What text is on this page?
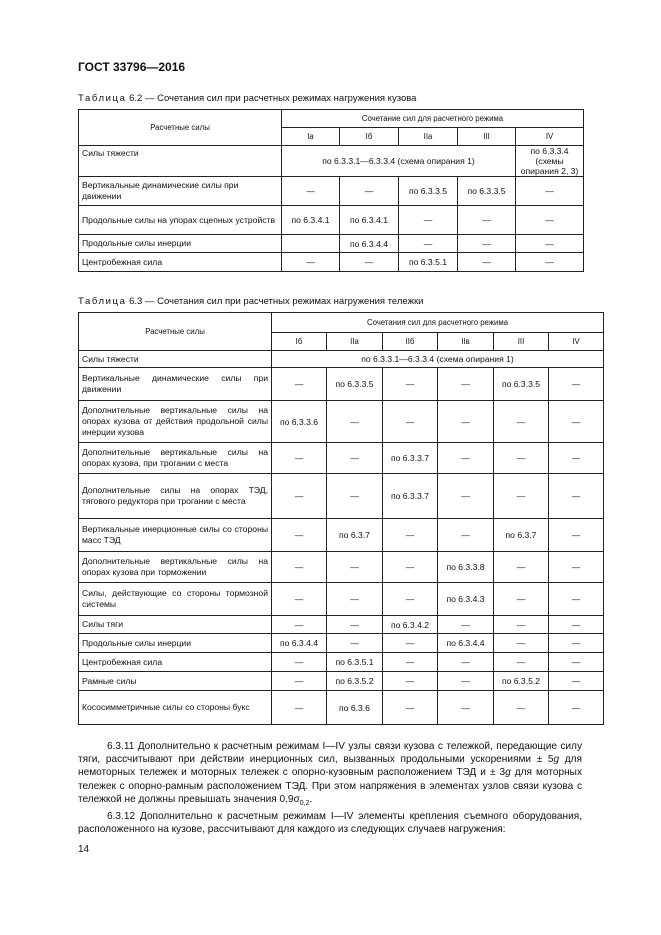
ГОСТ 33796—2016
Таблица 6.2 — Сочетания сил при расчетных режимах нагружения кузова
Расчетные силы	Сочетание сил для расчетного режима				
	Iа	Iб	IIа	III	IV
Силы тяжести	по 6.3.3.1—6.3.3.4 (схема опирания 1)				по 6.3.3.4 (схемы опирания 2, 3)
Вертикальные динамические силы при движении	—	—	по 6.3.3.5	по 6.3.3.5	—
Продольные силы на упорах сцепных устройств	по 6.3.4.1	по 6.3.4.1	—	—	—
Продольные силы инерции		по 6.3.4.4	—	—	—
Центробежная сила	—	—	по 6.3.5.1	—	—
Таблица 6.3 — Сочетания сил при расчетных режимах нагружения тележки
Расчетные силы	Сочетания сил для расчетного режима					
	Iб	IIа	IIб	IIв	III	IV
Силы тяжести	по 6.3.3.1—6.3.3.4 (схема опирания 1)					
Вертикальные динамические силы при движении	—	по 6.3.3.5	—	—	по 6.3.3.5	—
Дополнительные вертикальные силы на опорах кузова от действия продольной силы инерции кузова	по 6.3.3.6	—	—	—	—	—
Дополнительные вертикальные силы на опорах кузова, при трогании с места	—	—	по 6.3.3.7	—	—	—
Дополнительные силы на опорах ТЭД, тягового редуктора при трогании с места	—	—	по 6.3.3.7	—	—	—
Вертикальные инерционные силы со стороны масс ТЭД	—	по 6.3.7	—	—	по 6.3.7	—
Дополнительные вертикальные силы на опорах кузова при торможении	—	—	—	по 6.3.3.8	—	—
Силы, действующие со стороны тормозной системы	—	—	—	по 6.3.4.3	—	—
Силы тяги	—	—	по 6.3.4.2	—	—	—
Продольные силы инерции	по 6.3.4.4	—	—	по 6.3.4.4	—	—
Центробежная сила	—	по 6.3.5.1	—	—	—	—
Рамные силы	—	по 6.3.5.2	—	—	по 6.3.5.2	—
Кососимметричные силы со стороны букс	—	по 6.3.6	—	—	—	—

6.3.11 Дополнительно к расчетным режимам I—IV узлы связи кузова с тележкой, передающие силу тяги, рассчитывают при действии инерционных сил, вызванных продольными ускорениями ± 5g для немоторных тележек и моторных тележек с опорно-кузовным расположением ТЭД и ± 3g для моторных тележек с опорно-рамным расположением ТЭД. При этом напряжения в элементах узлов связи кузова с тележкой не должны превышать значения $0,9\sigma_{0,2}$.

6.3.12 Дополнительно к расчетным режимам I—IV элементы крепления съемного оборудования, расположенного на кузове, рассчитывают для каждого из следующих случаев нагружения:

14
